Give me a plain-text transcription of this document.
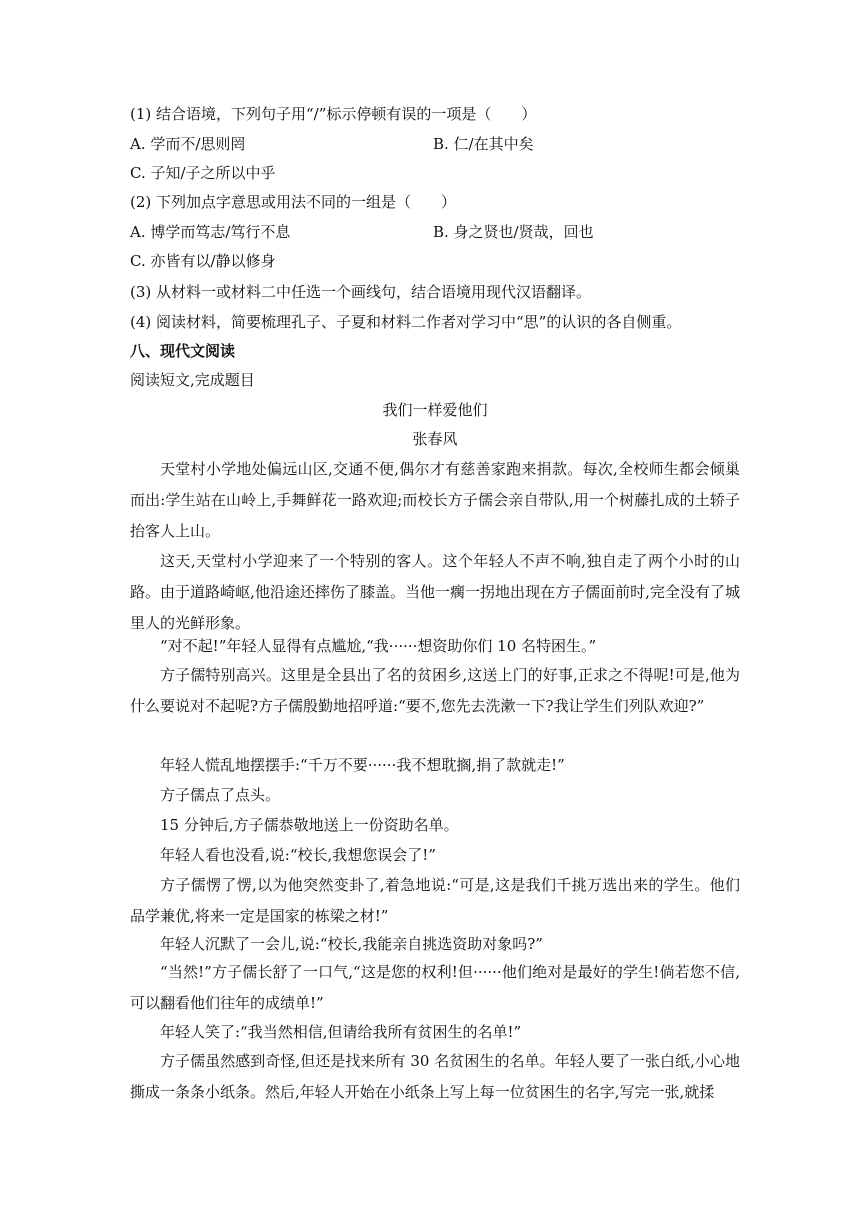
(1) 结合语境，下列句子用“/”标示停顿有误的一项是（　　）
A. 学而不/思则罔	B. 仁/在其中矣
C. 子知/子之所以中乎
(2) 下列加点字意思或用法不同的一组是（　　）
A. 博学而笃志/笃行不息	B. 身之贤也/贤哉，回也
C. 亦皆有以/静以修身
(3) 从材料一或材料二中任选一个画线句，结合语境用现代汉语翻译。
(4) 阅读材料，简要梳理孔子、子夏和材料二作者对学习中“思”的认识的各自侧重。
八、现代文阅读
阅读短文,完成题目
我们一样爱他们
张春风
天堂村小学地处偏远山区,交通不便,偶尔才有慈善家跑来捐款。每次,全校师生都会倾巢而出:学生站在山岭上,手舞鲜花一路欢迎;而校长方子儒会亲自带队,用一个树藤扎成的土轿子抬客人上山。
这天,天堂村小学迎来了一个特别的客人。这个年轻人不声不响,独自走了两个小时的山路。由于道路崎岖,他沿途还摔伤了膝盖。当他一瘸一拐地出现在方子儒面前时,完全没有了城里人的光鲜形象。
“对不起!”年轻人显得有点尴尬,“我······想资助你们 10 名特困生。”
方子儒特别高兴。这里是全县出了名的贫困乡,这送上门的好事,正求之不得呢!可是,他为什么要说对不起呢?方子儒殷勤地招呼道:“要不,您先去洗漱一下?我让学生们列队欢迎?”
年轻人慌乱地摆摆手:“千万不要······我不想耽搁,捐了款就走!”
方子儒点了点头。
15 分钟后,方子儒恭敬地送上一份资助名单。
年轻人看也没看,说:“校长,我想您误会了!”
方子儒愣了愣,以为他突然变卦了,着急地说:“可是,这是我们千挑万选出来的学生。他们品学兼优,将来一定是国家的栋梁之材!”
年轻人沉默了一会儿,说:“校长,我能亲自挑选资助对象吗?”
“当然!”方子儒长舒了一口气,“这是您的权利!但······他们绝对是最好的学生!倘若您不信,可以翻看他们往年的成绩单!”
年轻人笑了:“我当然相信,但请给我所有贫困生的名单!”
方子儒虽然感到奇怪,但还是找来所有 30 名贫困生的名单。年轻人要了一张白纸,小心地撕成一条条小纸条。然后,年轻人开始在小纸条上写上每一位贫困生的名字,写完一张,就揉
